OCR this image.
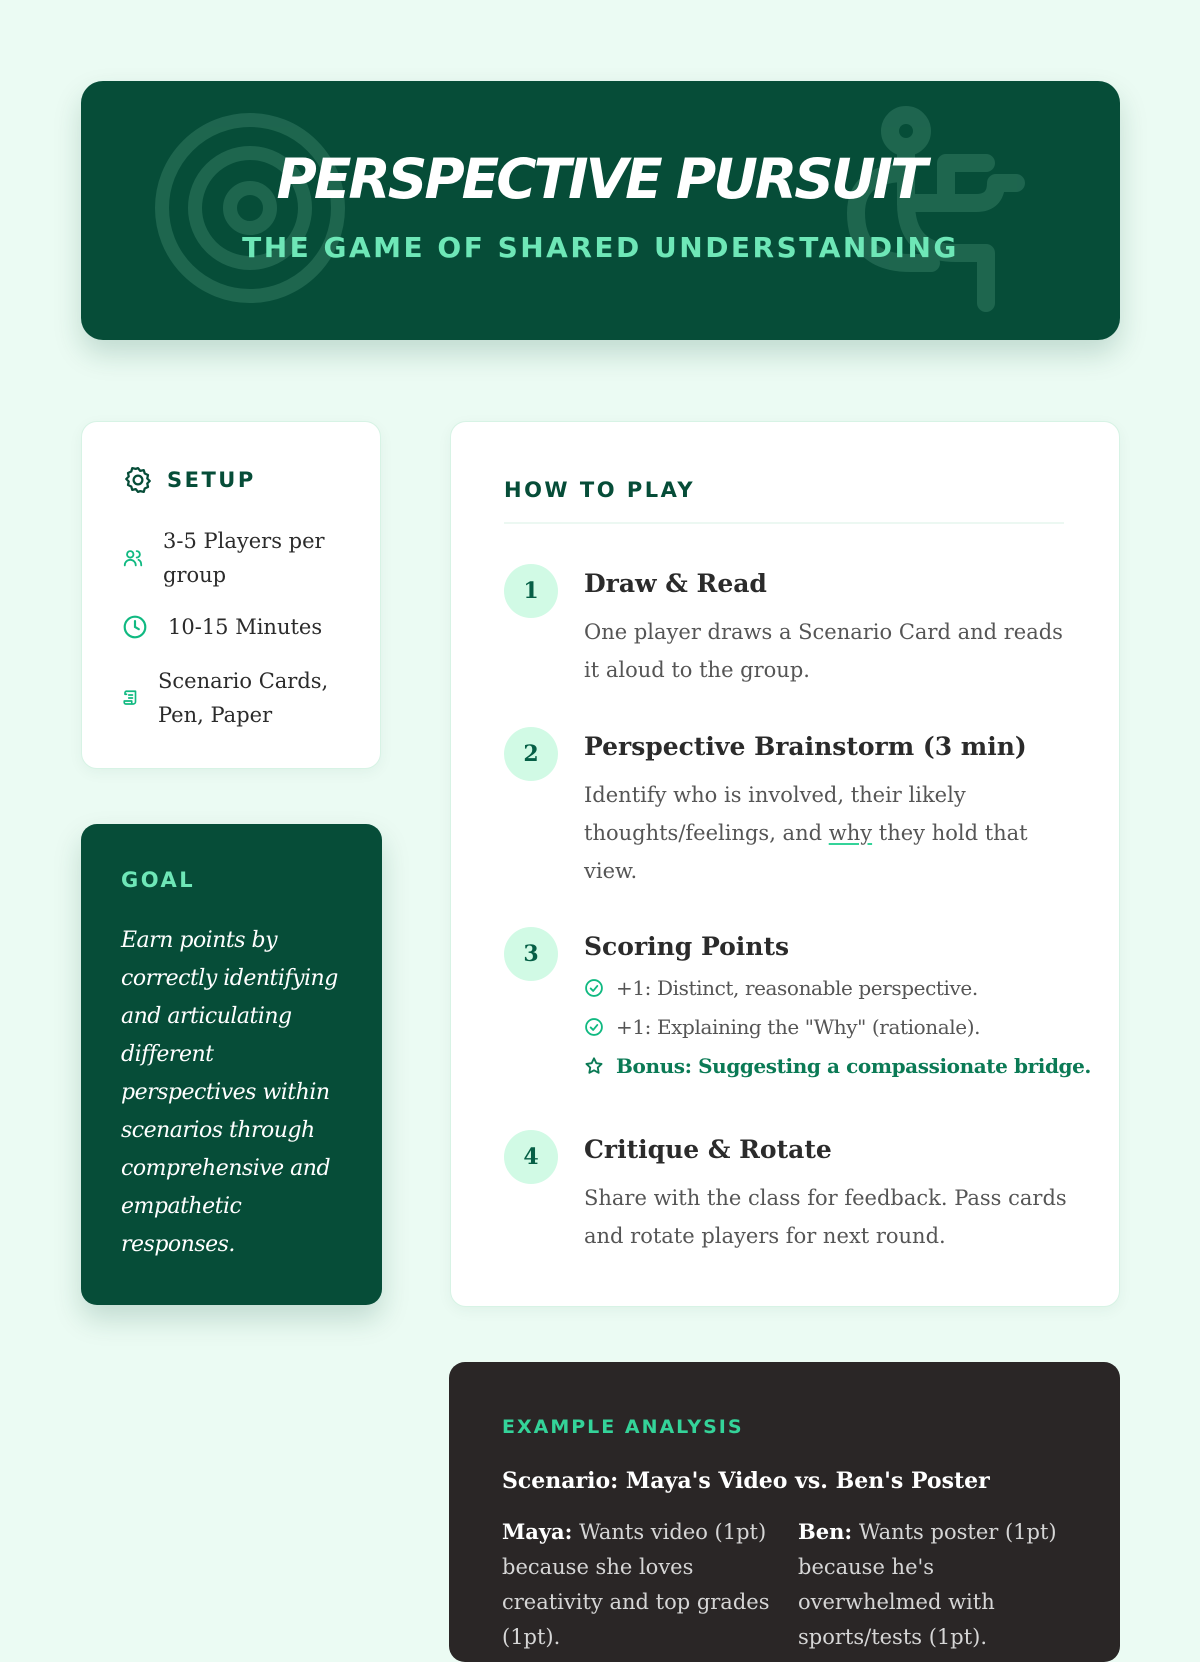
PERSPECTIVE PURSUIT
THE GAME OF SHARED UNDERSTANDING
SETUP
3-5 Players per group
10-15 Minutes
Scenario Cards, Pen, Paper
GOAL
Earn points by correctly identifying and articulating different perspectives within scenarios through comprehensive and empathetic responses.
HOW TO PLAY
1	Draw & Read
One player draws a Scenario Card and reads it aloud to the group.
2	Perspective Brainstorm (3 min)
Identify who is involved, their likely thoughts/feelings, and why they hold that view.
3	Scoring Points
+1: Distinct, reasonable perspective.
+1: Explaining the "Why" (rationale).
Bonus: Suggesting a compassionate bridge.
4	Critique & Rotate
Share with the class for feedback. Pass cards and rotate players for next round.
EXAMPLE ANALYSIS
Scenario: Maya's Video vs. Ben's Poster
Maya: Wants video (1pt) because she loves creativity and top grades (1pt).
Ben: Wants poster (1pt) because he's overwhelmed with sports/tests (1pt).
